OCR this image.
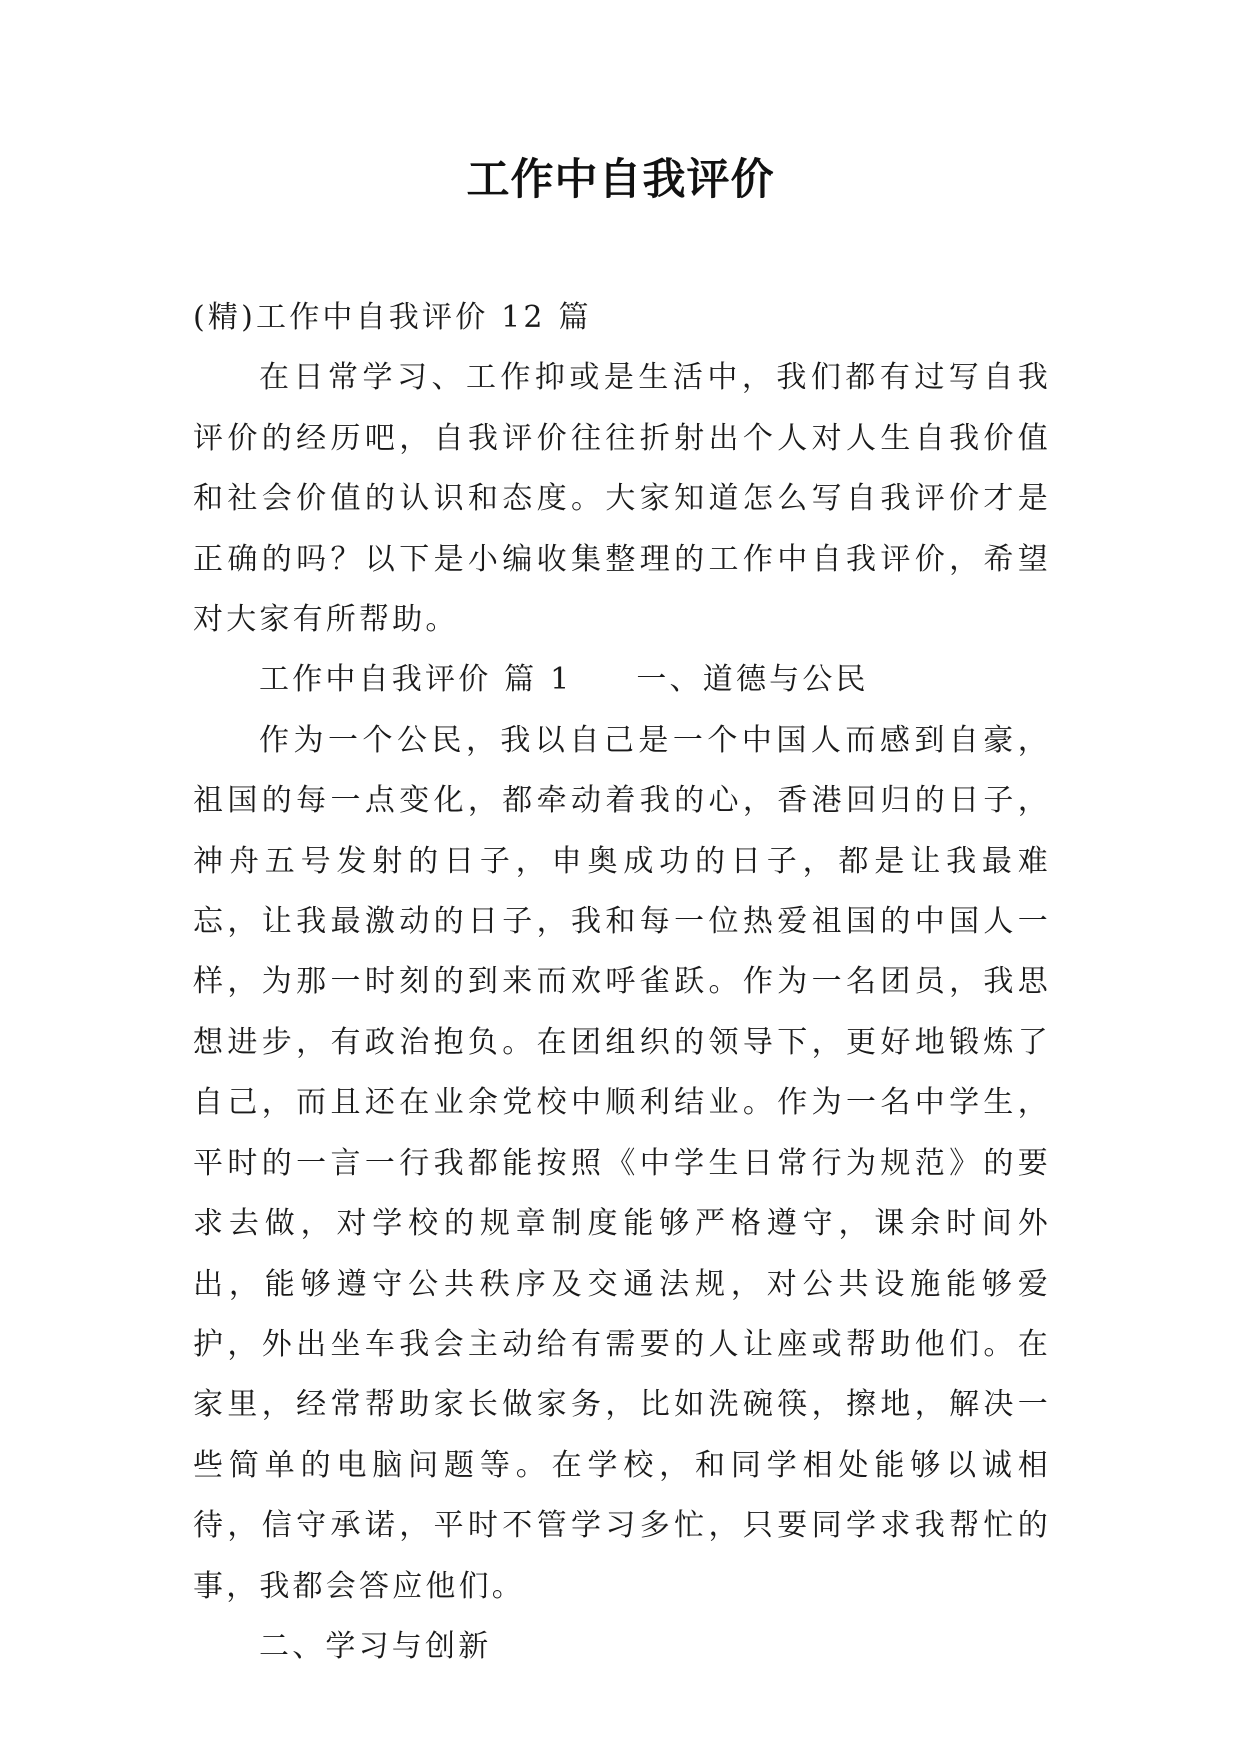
工作中自我评价

(精)工作中自我评价 12 篇

在日常学习、工作抑或是生活中，我们都有过写自我评价的经历吧，自我评价往往折射出个人对人生自我价值和社会价值的认识和态度。大家知道怎么写自我评价才是正确的吗？以下是小编收集整理的工作中自我评价，希望对大家有所帮助。

工作中自我评价 篇 1 一、道德与公民

作为一个公民，我以自己是一个中国人而感到自豪，祖国的每一点变化，都牵动着我的心，香港回归的日子，神舟五号发射的日子，申奥成功的日子，都是让我最难忘，让我最激动的日子，我和每一位热爱祖国的中国人一样，为那一时刻的到来而欢呼雀跃。作为一名团员，我思想进步，有政治抱负。在团组织的领导下，更好地锻炼了自己，而且还在业余党校中顺利结业。作为一名中学生，平时的一言一行我都能按照《中学生日常行为规范》的要求去做，对学校的规章制度能够严格遵守，课余时间外出，能够遵守公共秩序及交通法规，对公共设施能够爱护，外出坐车我会主动给有需要的人让座或帮助他们。在家里，经常帮助家长做家务，比如洗碗筷，擦地，解决一些简单的电脑问题等。在学校，和同学相处能够以诚相待，信守承诺，平时不管学习多忙，只要同学求我帮忙的事，我都会答应他们。

二、学习与创新
